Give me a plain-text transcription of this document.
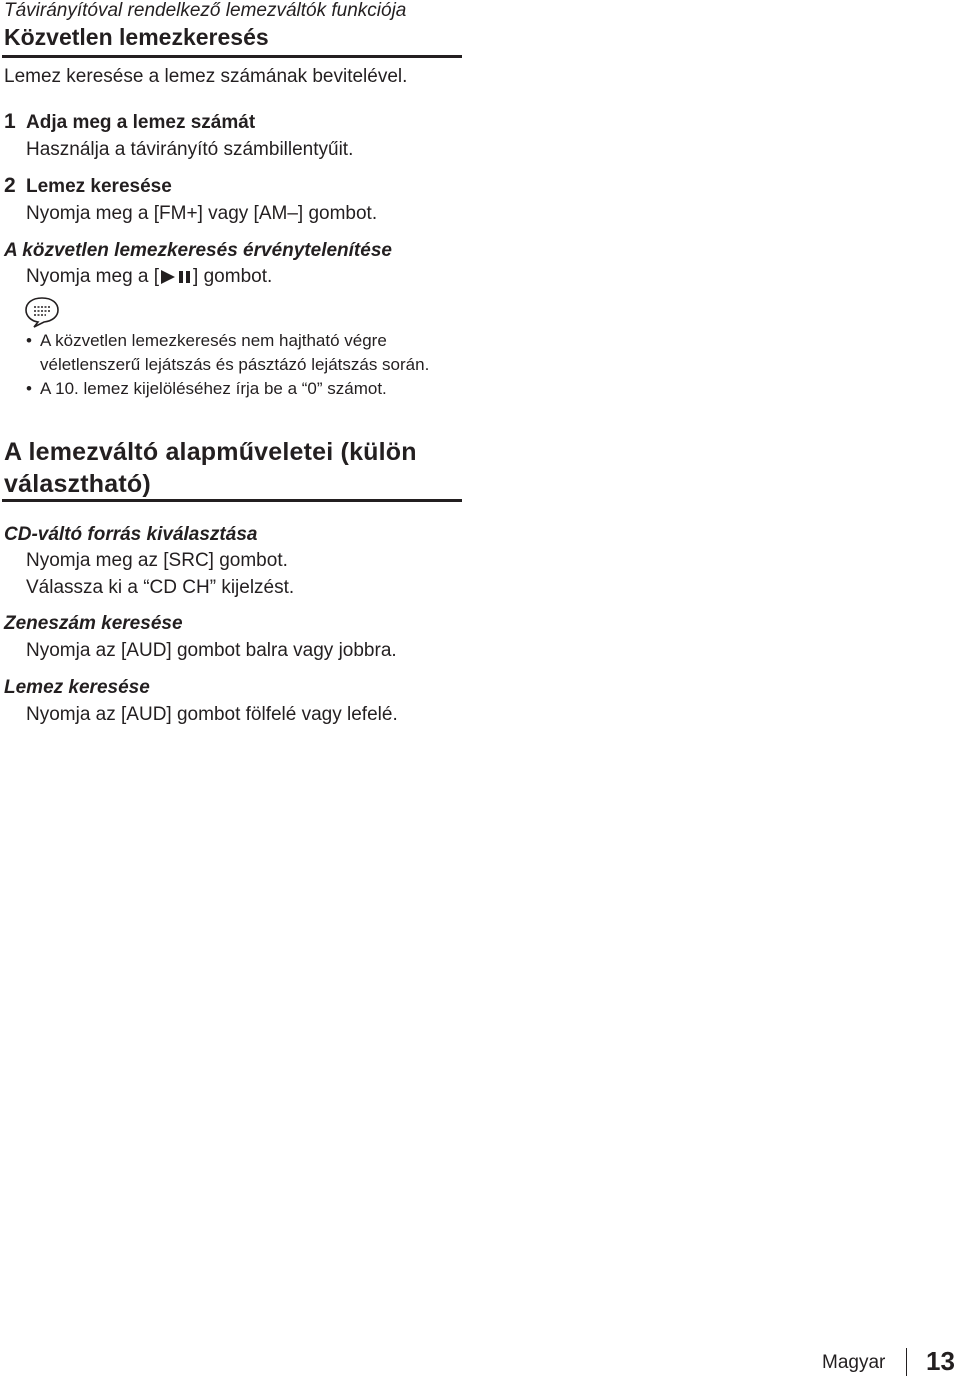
Távirányítóval rendelkező lemezváltók funkciója
Közvetlen lemezkeresés
Lemez keresése a lemez számának bevitelével.
1 Adja meg a lemez számát
Használja a távirányító számbillentyűit.
2 Lemez keresése
Nyomja meg a [FM+] vagy [AM–] gombot.
A közvetlen lemezkeresés érvénytelenítése
Nyomja meg a [ ] gombot.
• A közvetlen lemezkeresés nem hajtható végre
véletlenszerű lejátszás és pásztázó lejátszás során.
• A 10. lemez kijelöléséhez írja be a “0” számot.
A lemezváltó alapműveletei (külön
választható)
CD-váltó forrás kiválasztása
Nyomja meg az [SRC] gombot.
Válassza ki a “CD CH” kijelzést.
Zeneszám keresése
Nyomja az [AUD] gombot balra vagy jobbra.
Lemez keresése
Nyomja az [AUD] gombot fölfelé vagy lefelé.
Magyar 13
